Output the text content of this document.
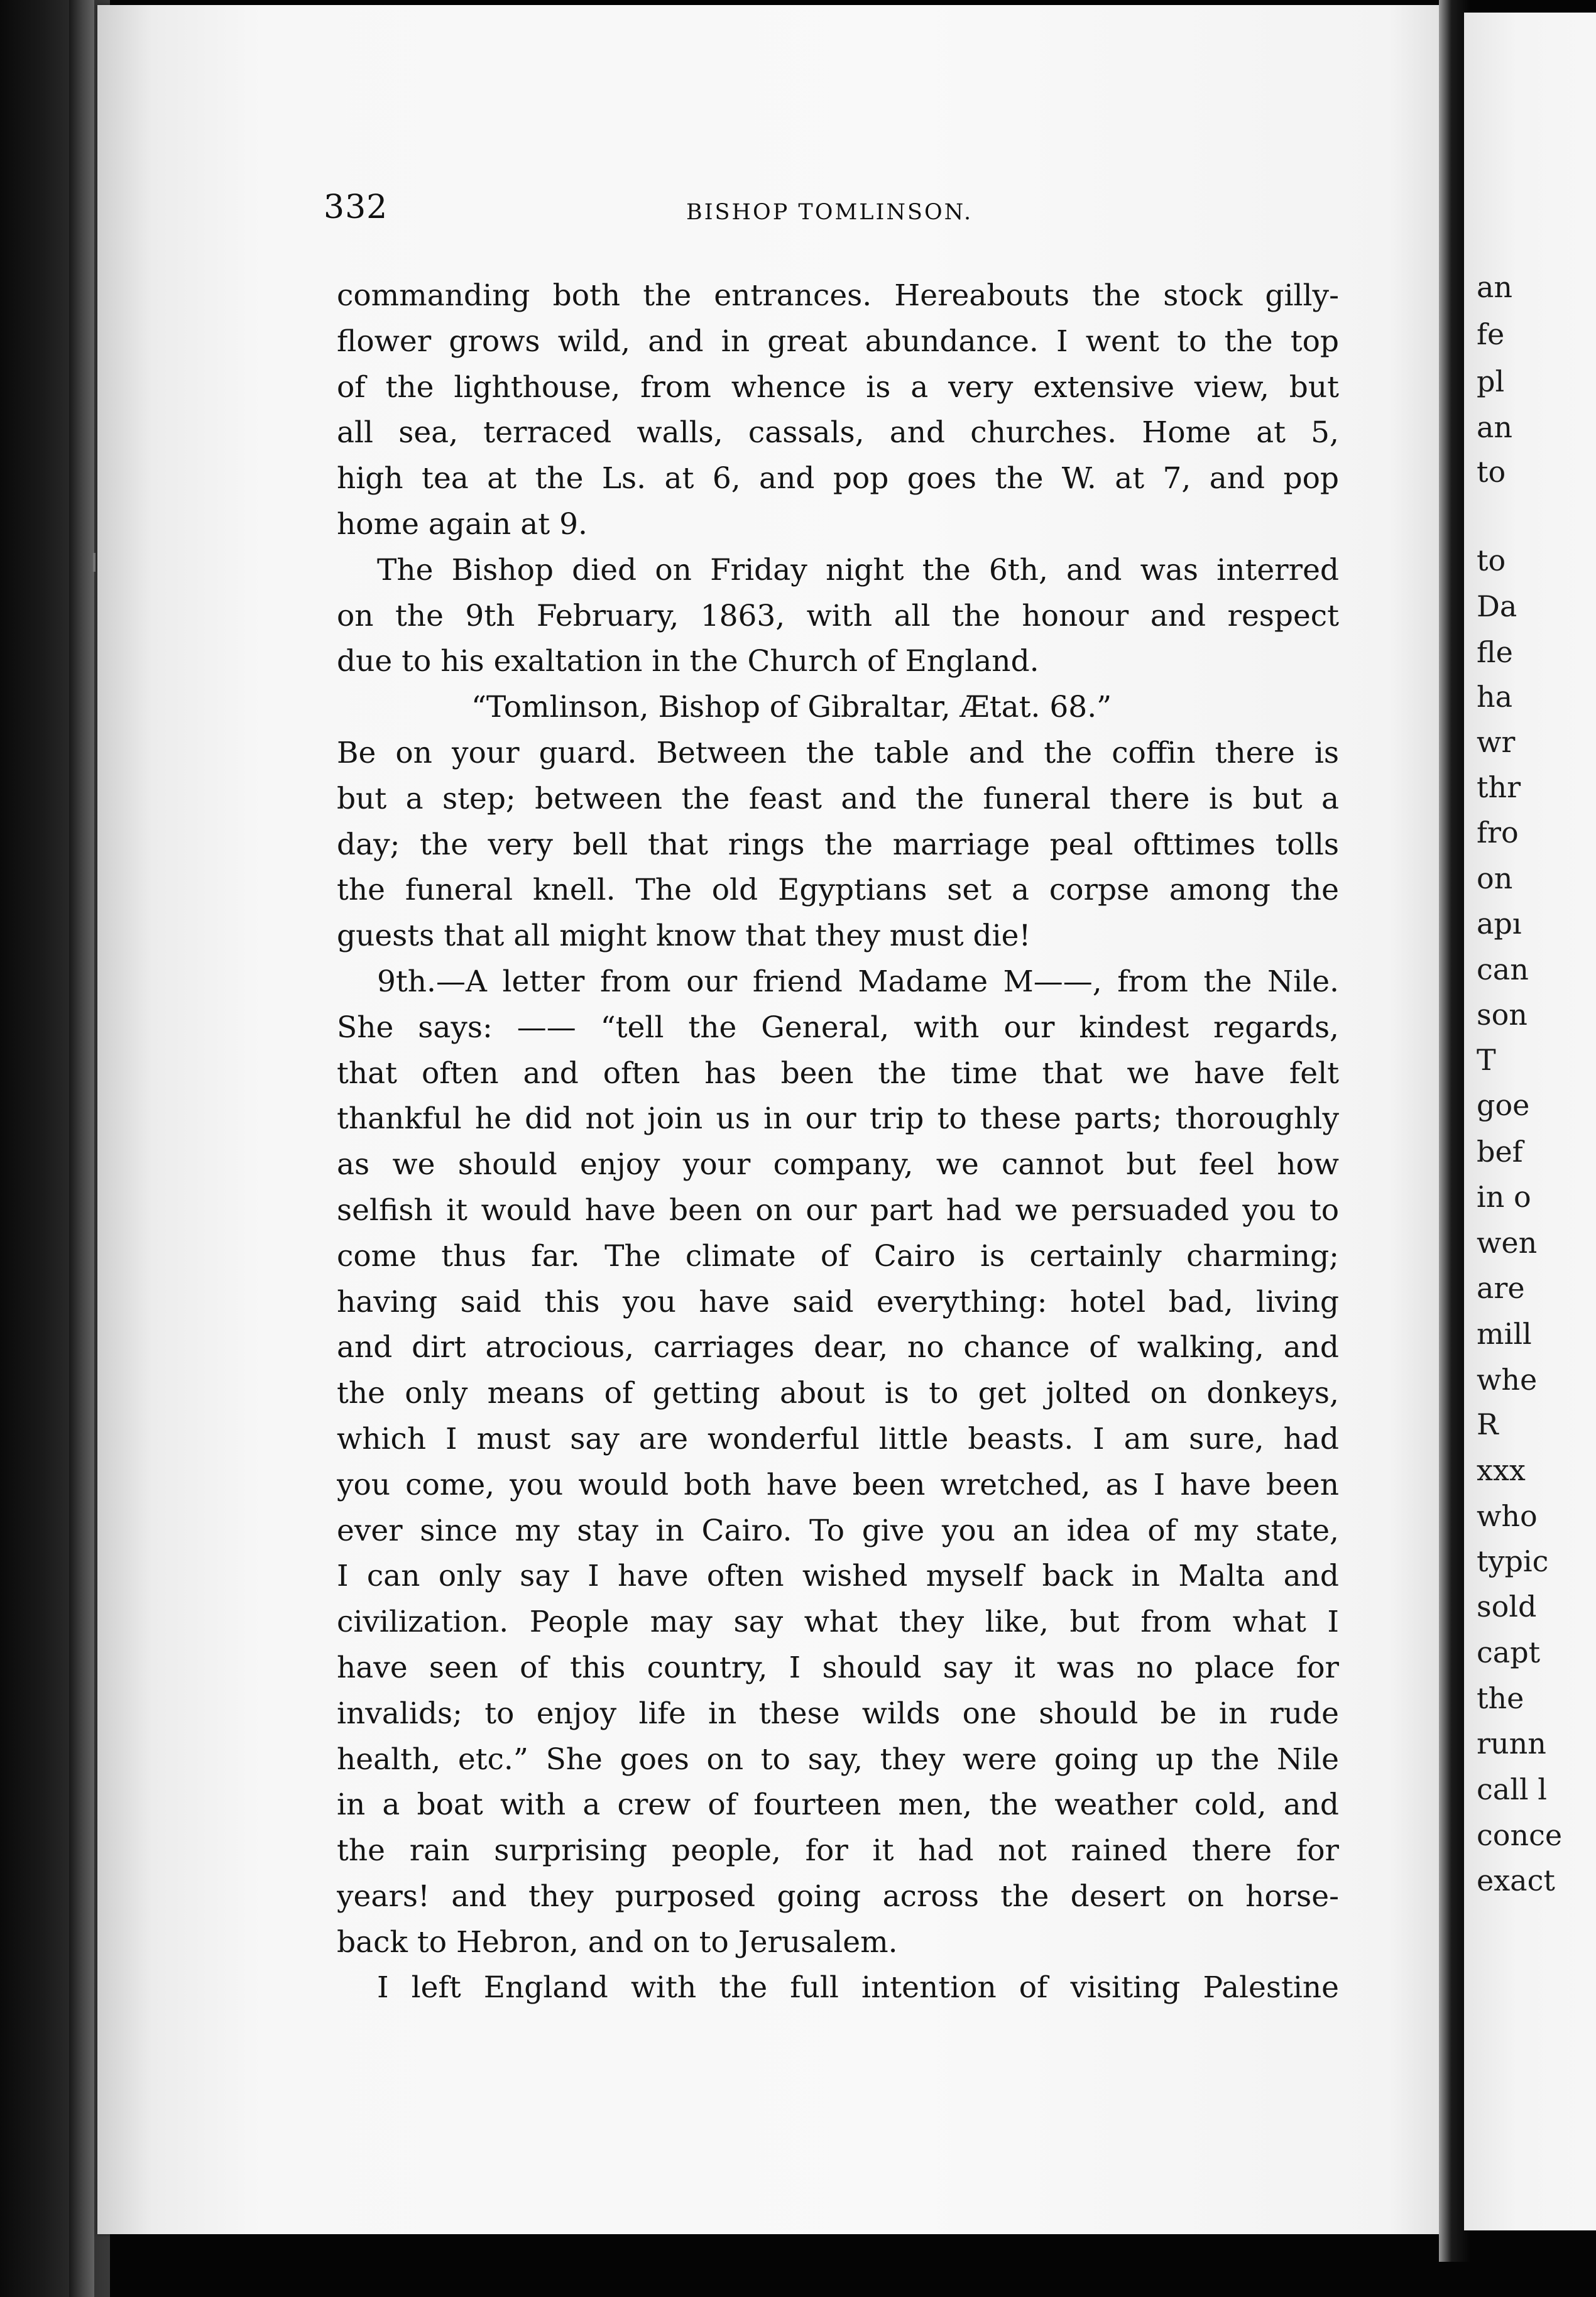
an
fe
pl
an
to
to
Da
fle
ha
wr
thr
fro
on
apı
can
son
T
goe
bef
in o
wen
are
mill
whe
R
xxx
who
typic
sold
capt
the
runn
call l
conce
exact
332	BISHOP TOMLINSON.
commanding both the entrances. Hereabouts the stock gilly-
flower grows wild, and in great abundance. I went to the top
of the lighthouse, from whence is a very extensive view, but
all sea, terraced walls, cassals, and churches. Home at 5,
high tea at the Ls. at 6, and pop goes the W. at 7, and pop
home again at 9.
The Bishop died on Friday night the 6th, and was interred
on the 9th February, 1863, with all the honour and respect
due to his exaltation in the Church of England.
“Tomlinson, Bishop of Gibraltar, Ætat. 68.”
Be on your guard. Between the table and the coffin there is
but a step; between the feast and the funeral there is but a
day; the very bell that rings the marriage peal ofttimes tolls
the funeral knell. The old Egyptians set a corpse among the
guests that all might know that they must die!
9th.—A letter from our friend Madame M——, from the Nile.
She says: —— “tell the General, with our kindest regards,
that often and often has been the time that we have felt
thankful he did not join us in our trip to these parts; thoroughly
as we should enjoy your company, we cannot but feel how
selfish it would have been on our part had we persuaded you to
come thus far. The climate of Cairo is certainly charming;
having said this you have said everything: hotel bad, living
and dirt atrocious, carriages dear, no chance of walking, and
the only means of getting about is to get jolted on donkeys,
which I must say are wonderful little beasts. I am sure, had
you come, you would both have been wretched, as I have been
ever since my stay in Cairo. To give you an idea of my state,
I can only say I have often wished myself back in Malta and
civilization. People may say what they like, but from what I
have seen of this country, I should say it was no place for
invalids; to enjoy life in these wilds one should be in rude
health, etc.” She goes on to say, they were going up the Nile
in a boat with a crew of fourteen men, the weather cold, and
the rain surprising people, for it had not rained there for
years! and they purposed going across the desert on horse-
back to Hebron, and on to Jerusalem.
I left England with the full intention of visiting Palestine
